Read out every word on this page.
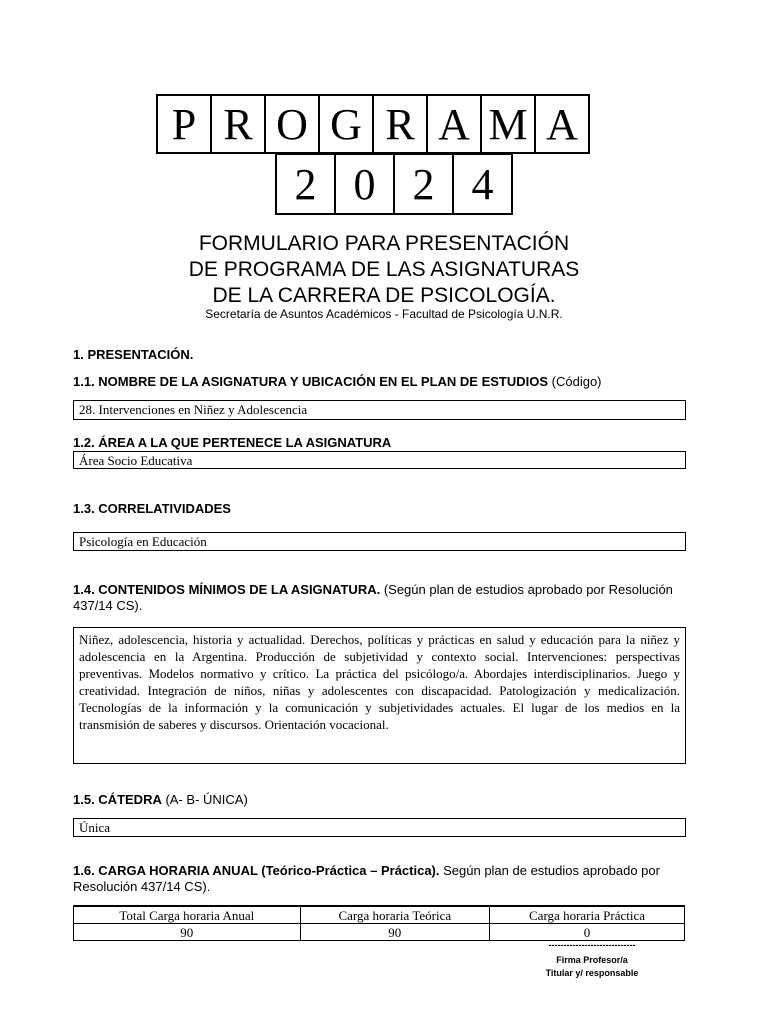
P R O G R A M A
2 0 2 4
FORMULARIO PARA PRESENTACIÓN
DE PROGRAMA DE LAS ASIGNATURAS
DE LA CARRERA DE PSICOLOGÍA.
Secretaría de Asuntos Académicos - Facultad de Psicología U.N.R.
1. PRESENTACIÓN.
1.1. NOMBRE DE LA ASIGNATURA Y UBICACIÓN EN EL PLAN DE ESTUDIOS (Código)
28. Intervenciones en Niñez y Adolescencia
1.2. ÁREA A LA QUE PERTENECE LA ASIGNATURA
Área Socio Educativa
1.3. CORRELATIVIDADES
Psicología en Educación
1.4. CONTENIDOS MÍNIMOS DE LA ASIGNATURA. (Según plan de estudios aprobado por Resolución 437/14 CS).
Niñez, adolescencia, historia y actualidad. Derechos, políticas y prácticas en salud y educación para la niñez y adolescencia en la Argentina. Producción de subjetividad y contexto social. Intervenciones: perspectivas preventivas. Modelos normativo y crítico. La práctica del psicólogo/a. Abordajes interdisciplinarios. Juego y creatividad. Integración de niños, niñas y adolescentes con discapacidad. Patologización y medicalización. Tecnologías de la información y la comunicación y subjetividades actuales. El lugar de los medios en la transmisión de saberes y discursos. Orientación vocacional.
1.5. CÁTEDRA (A- B- ÚNICA)
Única
1.6. CARGA HORARIA ANUAL (Teórico-Práctica – Práctica). Según plan de estudios aprobado por Resolución 437/14 CS).
Total Carga horaria Anual	Carga horaria Teórica	Carga horaria Práctica
90	90	0
-----------------------------
Firma Profesor/a
Titular y/ responsable
